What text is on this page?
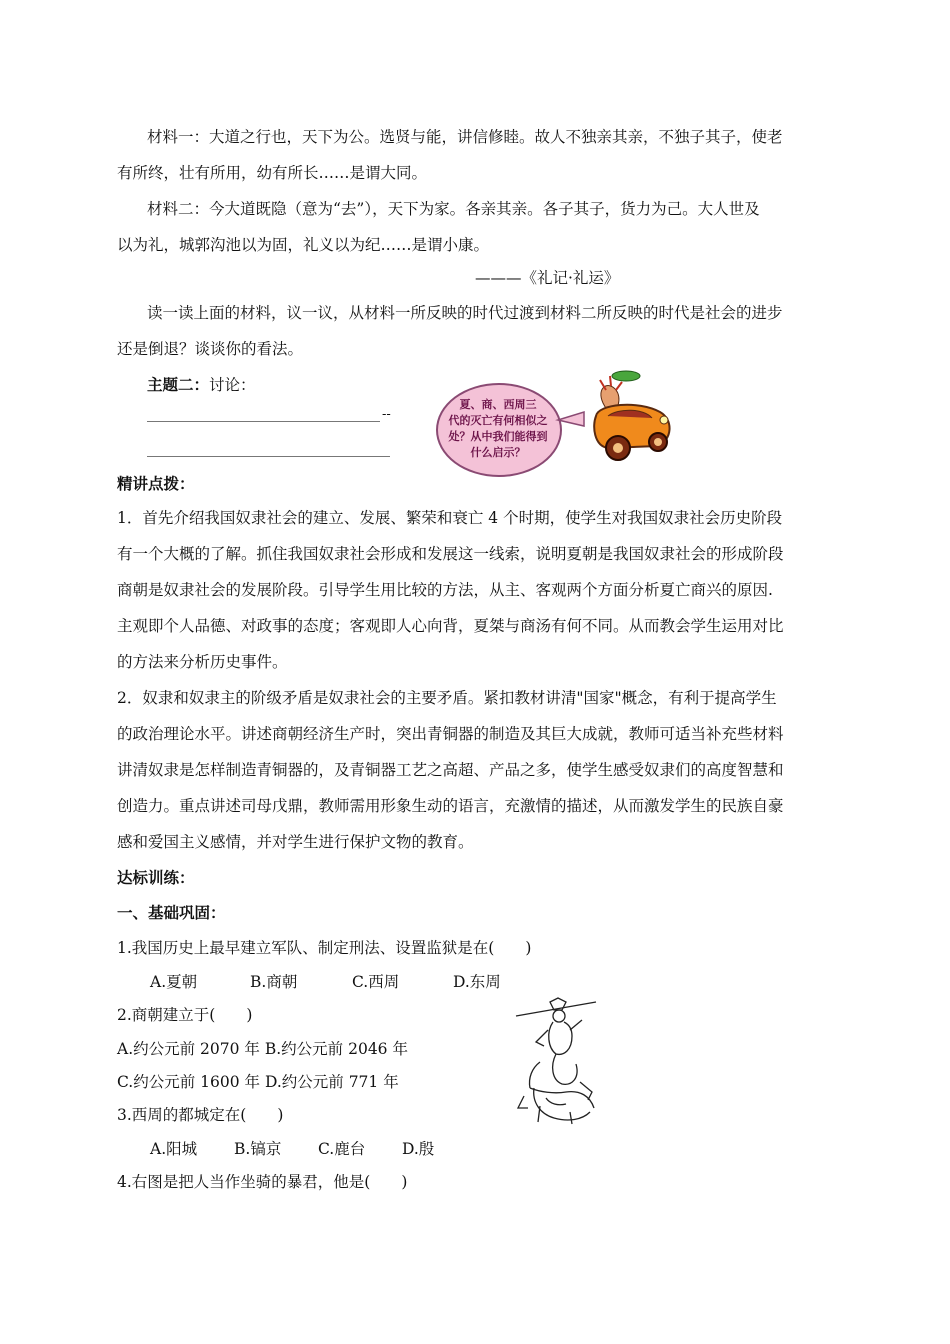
材料一：大道之行也，天下为公。选贤与能，讲信修睦。故人不独亲其亲，不独子其子，使老
有所终，壮有所用，幼有所长……是谓大同。
材料二：今大道既隐（意为“去”），天下为家。各亲其亲。各子其子，货力为己。大人世及
以为礼，城郭沟池以为固，礼义以为纪……是谓小康。
———《礼记·礼运》
读一读上面的材料，议一议，从材料一所反映的时代过渡到材料二所反映的时代是社会的进步
还是倒退？谈谈你的看法。
主题二：讨论：
--
夏、商、西周三
代的灭亡有何相似之
处？从中我们能得到
什么启示？
精讲点拨：
1．首先介绍我国奴隶社会的建立、发展、繁荣和衰亡 4 个时期，使学生对我国奴隶社会历史阶段
有一个大概的了解。抓住我国奴隶社会形成和发展这一线索，说明夏朝是我国奴隶社会的形成阶段
商朝是奴隶社会的发展阶段。引导学生用比较的方法，从主、客观两个方面分析夏亡商兴的原因.
主观即个人品德、对政事的态度；客观即人心向背，夏桀与商汤有何不同。从而教会学生运用对比
的方法来分析历史事件。
2．奴隶和奴隶主的阶级矛盾是奴隶社会的主要矛盾。紧扣教材讲清"国家"概念，有利于提高学生
的政治理论水平。讲述商朝经济生产时，突出青铜器的制造及其巨大成就，教师可适当补充些材料
讲清奴隶是怎样制造青铜器的，及青铜器工艺之高超、产品之多，使学生感受奴隶们的高度智慧和
创造力。重点讲述司母戊鼎，教师需用形象生动的语言，充激情的描述，从而激发学生的民族自豪
感和爱国主义感情，并对学生进行保护文物的教育。
达标训练：
一、基础巩固：
1.我国历史上最早建立军队、制定刑法、设置监狱是在(　　)
A.夏朝	B.商朝	C.西周	D.东周
2.商朝建立于(　　)
A.约公元前 2070 年 B.约公元前 2046 年
C.约公元前 1600 年 D.约公元前 771 年
3.西周的都城定在(　　)
A.阳城 B.镐京 C.鹿台 D.殷
4.右图是把人当作坐骑的暴君，他是(　　)
